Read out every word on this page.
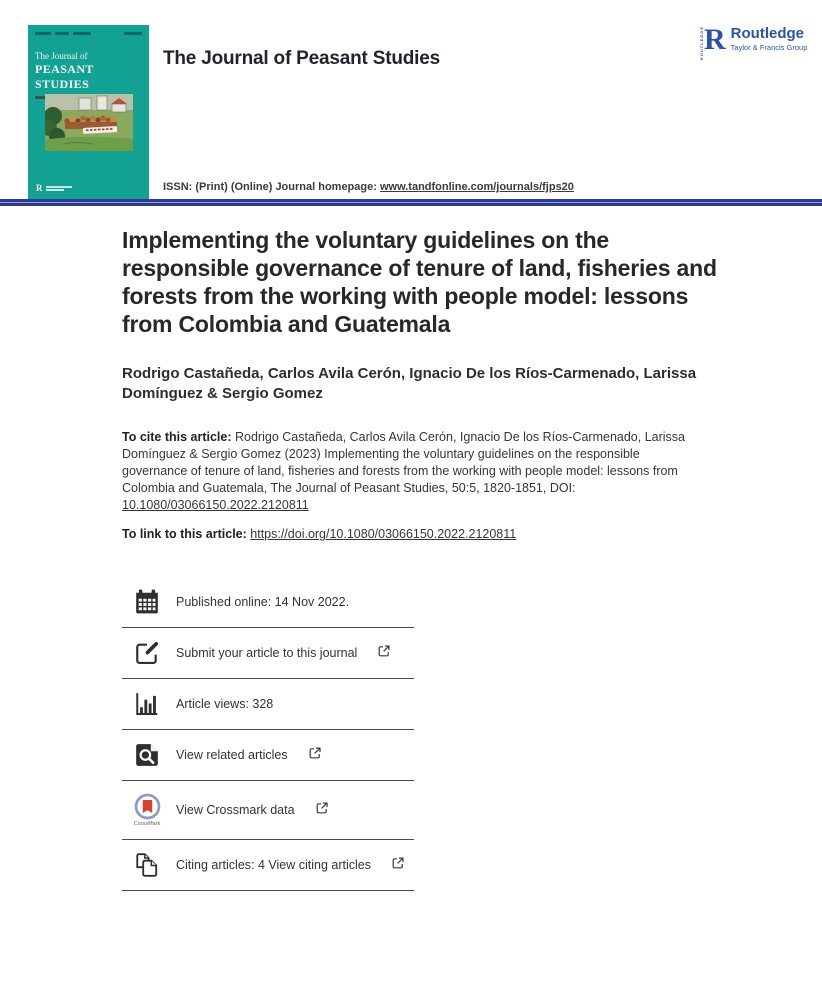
The Journal of
PEASANT STUDIES
R
The Journal of Peasant Studies
ISSN: (Print) (Online) Journal homepage: www.tandfonline.com/journals/fjps20
ROUTLEDGE R Routledge
Taylor & Francis Group
Implementing the voluntary guidelines on the responsible governance of tenure of land, fisheries and forests from the working with people model: lessons from Colombia and Guatemala
Rodrigo Castañeda, Carlos Avila Cerón, Ignacio De los Ríos-Carmenado, Larissa Domínguez & Sergio Gomez

To cite this article: Rodrigo Castañeda, Carlos Avila Cerón, Ignacio De los Ríos-Carmenado, Larissa Domínguez & Sergio Gomez (2023) Implementing the voluntary guidelines on the responsible governance of tenure of land, fisheries and forests from the working with people model: lessons from Colombia and Guatemala, The Journal of Peasant Studies, 50:5, 1820-1851, DOI: 10.1080/03066150.2022.2120811

To link to this article: https://doi.org/10.1080/03066150.2022.2120811

Published online: 14 Nov 2022.
Submit your article to this journal
Article views: 328
View related articles
CrossMark
View Crossmark data
Citing articles: 4 View citing articles
